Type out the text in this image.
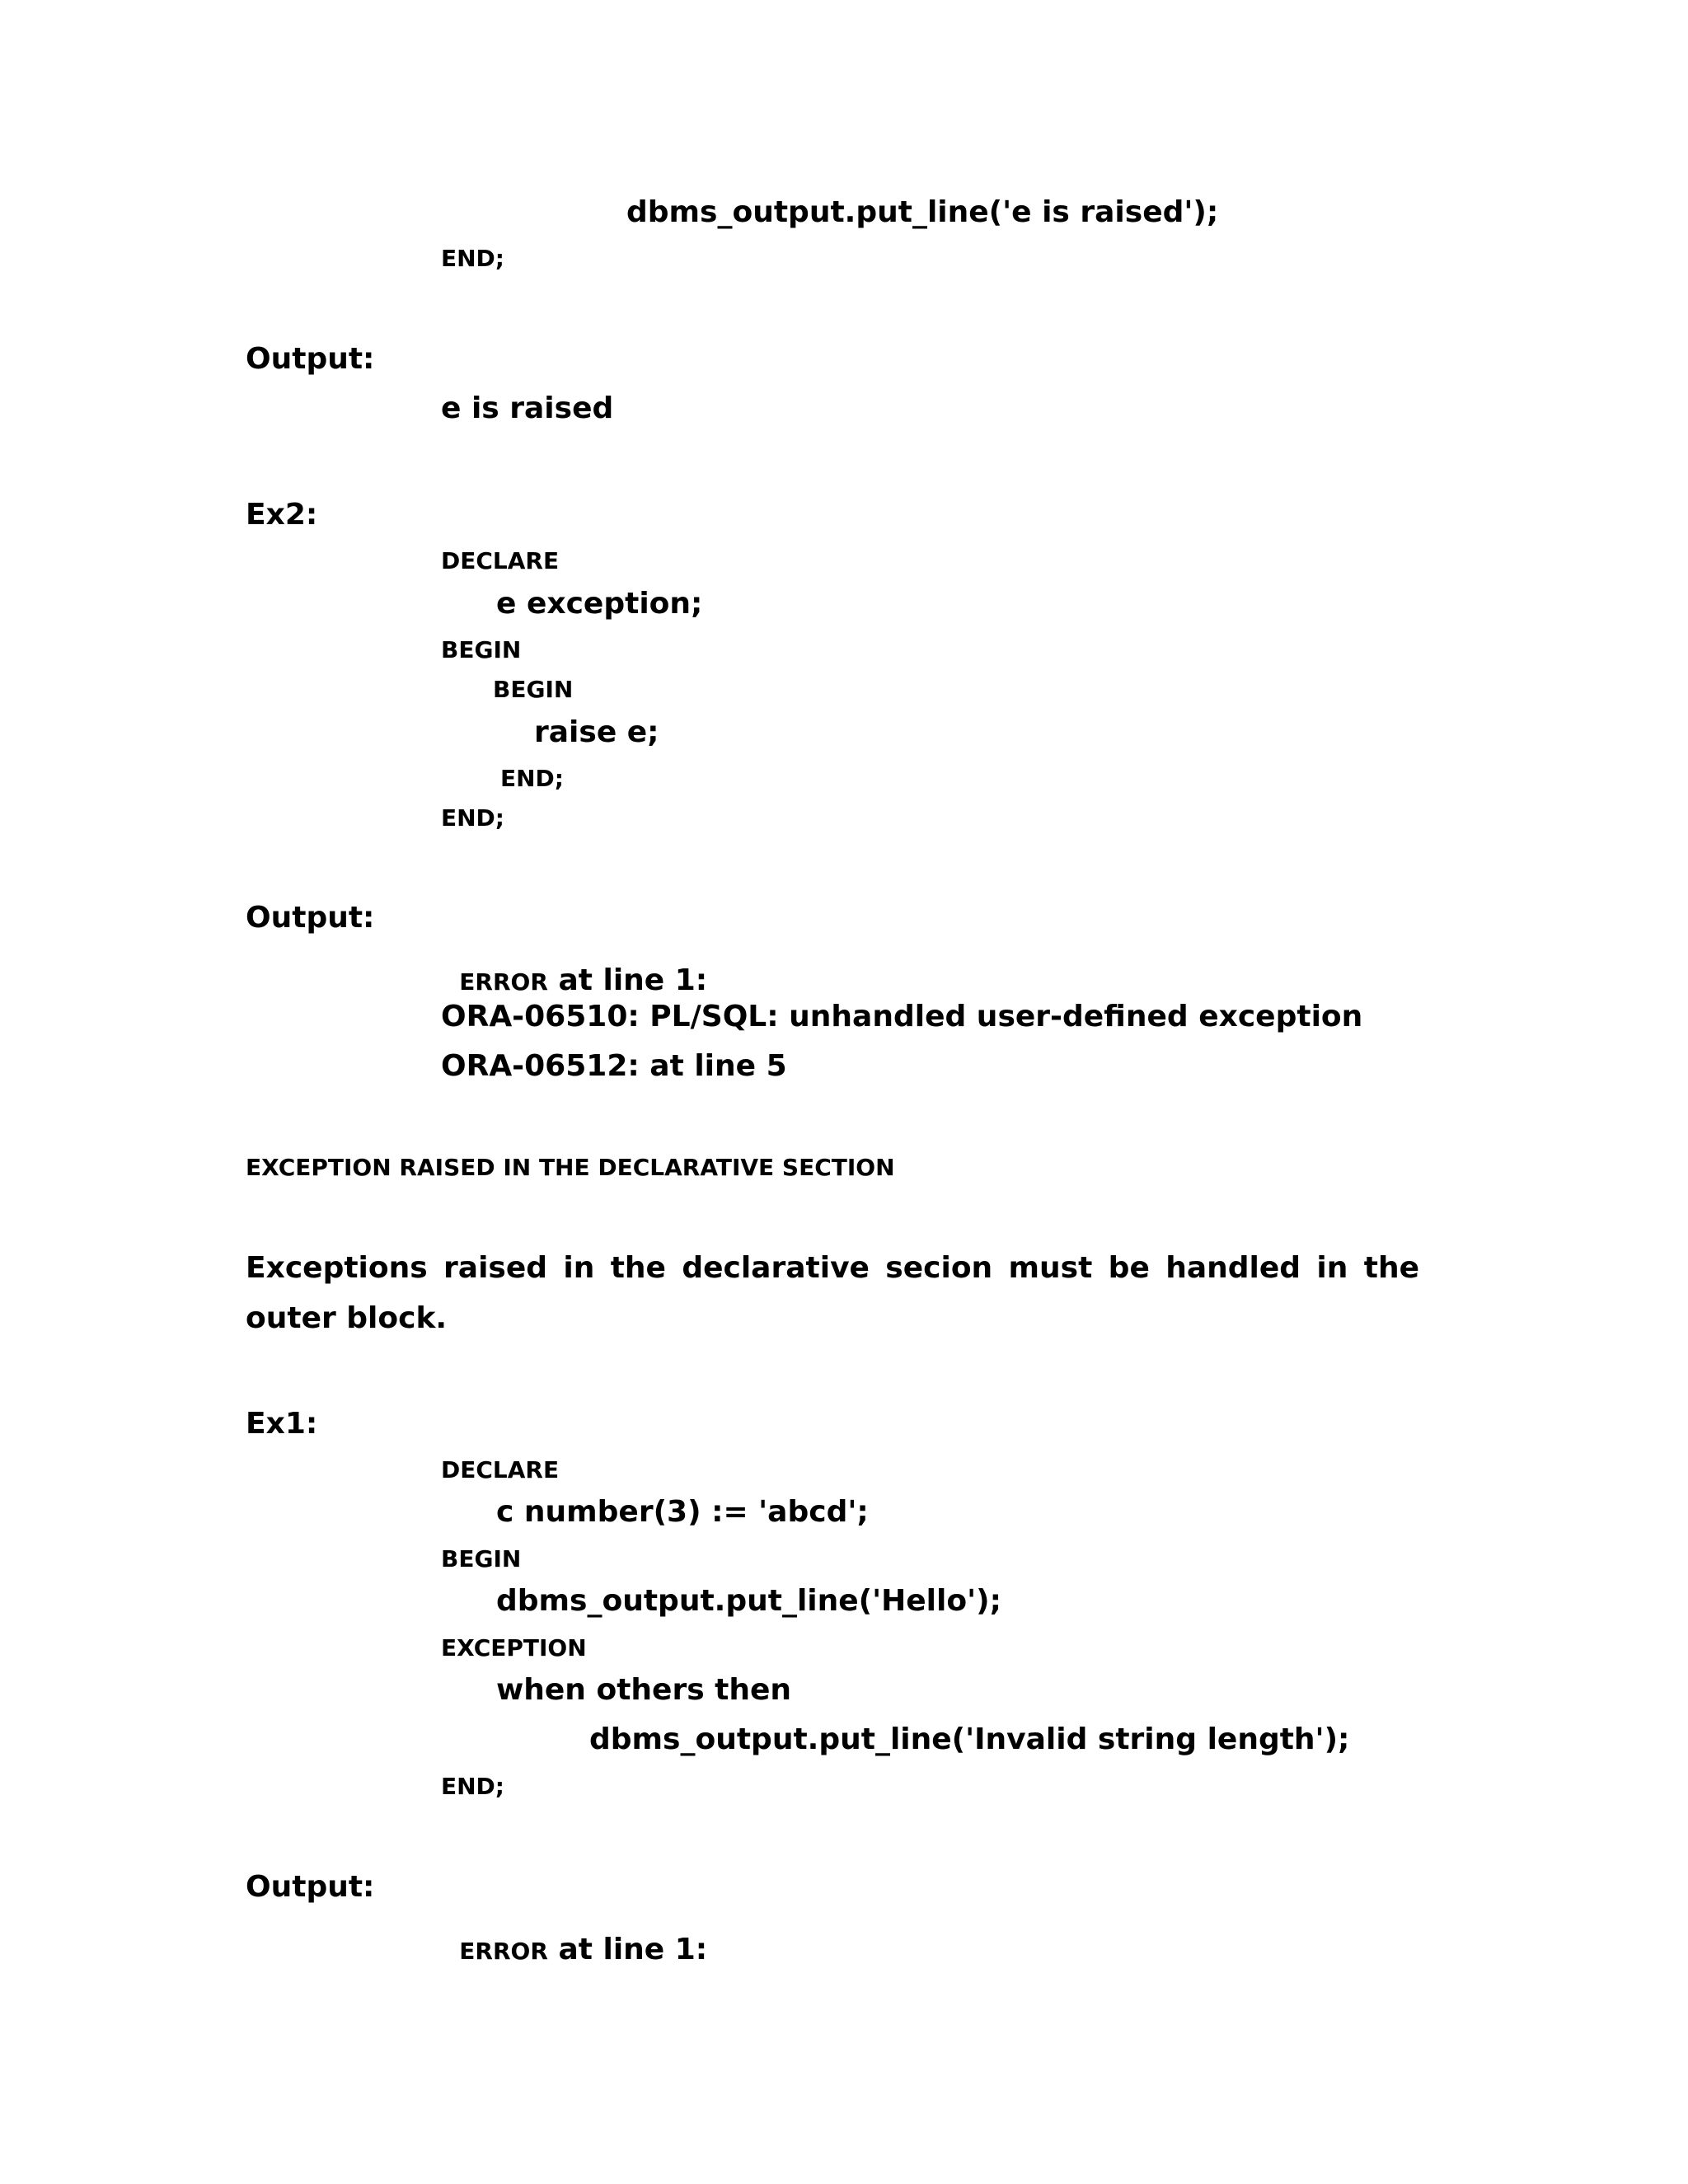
dbms_output.put_line('e is raised');
END;
Output:
e is raised
Ex2:
DECLARE
e exception;
BEGIN
BEGIN
raise e;
END;
END;
Output:

ERROR at line 1:

ORA-06510: PL/SQL: unhandled user-defined exception
ORA-06512: at line 5
EXCEPTION RAISED IN THE DECLARATIVE SECTION
Exceptions raised in the declarative secion must be handled in the outer block.
Ex1:
DECLARE
c number(3) := 'abcd';
BEGIN
dbms_output.put_line('Hello');
EXCEPTION
when others then
dbms_output.put_line('Invalid string length');
END;
Output:

ERROR at line 1:
